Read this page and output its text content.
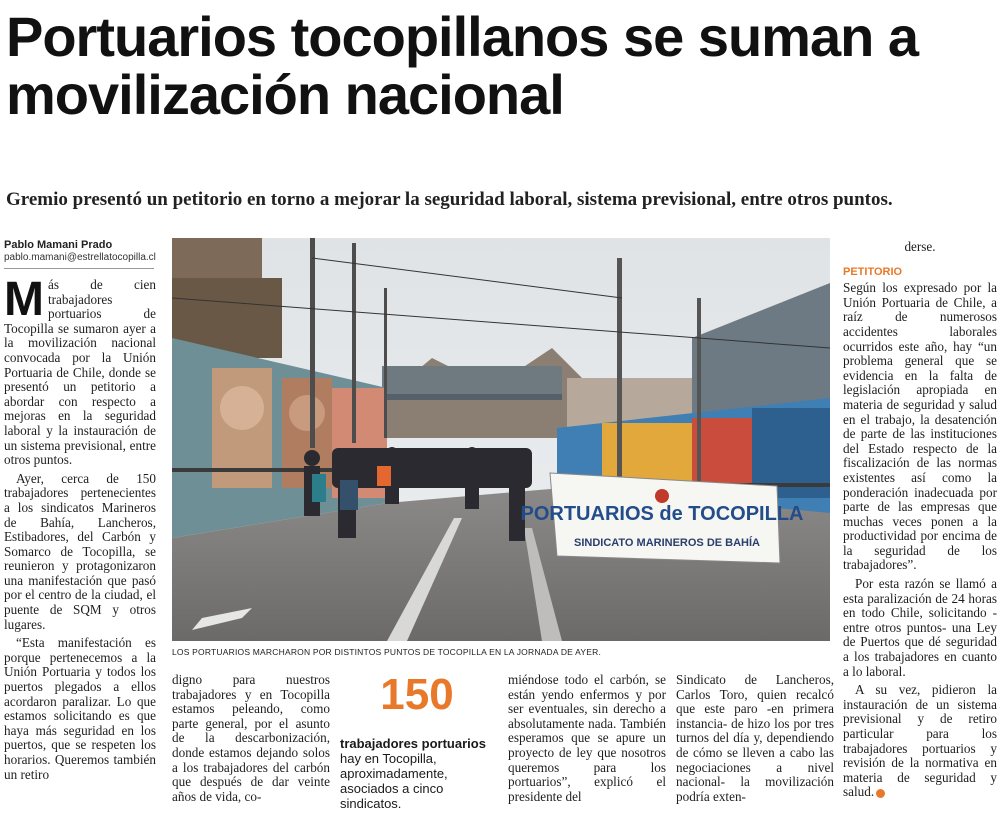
Portuarios tocopillanos se suman a movilización nacional

Gremio presentó un petitorio en torno a mejorar la seguridad laboral, sistema previsional, entre otros puntos.

Pablo Mamani Prado
pablo.mamani@estrellatocopilla.cl

Más de cien trabajadores portuarios de Tocopilla se sumaron ayer a la movilización nacional convocada por la Unión Portuaria de Chile, donde se presentó un petitorio a abordar con respecto a mejoras en la seguridad laboral y la instauración de un sistema previsional, entre otros puntos.

Ayer, cerca de 150 trabajadores pertenecientes a los sindicatos Marineros de Bahía, Lancheros, Estibadores, del Carbón y Somarco de Tocopilla, se reunieron y protagonizaron una manifestación que pasó por el centro de la ciudad, el puente de SQM y otros lugares.

“Esta manifestación es porque pertenecemos a la Unión Portuaria y todos los puertos plegados a ellos acordaron paralizar. Lo que estamos solicitando es que haya más seguridad en los puertos, que se respeten los horarios. Queremos también un retiro

PORTUARIOS de TOCOPILLA
SINDICATO MARINEROS DE BAHÍA
LOS PORTUARIOS MARCHARON POR DISTINTOS PUNTOS DE TOCOPILLA EN LA JORNADA DE AYER.

digno para nuestros trabajadores y en Tocopilla estamos peleando, como parte general, por el asunto de la descarbonización, donde estamos dejando solos a los trabajadores del carbón que después de dar veinte años de vida, co-

150
trabajadores portuarios
hay en Tocopilla, aproximadamente, asociados a cinco sindicatos.

miéndose todo el carbón, se están yendo enfermos y por ser eventuales, sin derecho a absolutamente nada. También esperamos que se apure un proyecto de ley que nosotros queremos para los portuarios”, explicó el presidente del

Sindicato de Lancheros, Carlos Toro, quien recalcó que este paro -en primera instancia- de hizo los por tres turnos del día y, dependiendo de cómo se lleven a cabo las negociaciones a nivel nacional- la movilización podría exten-

derse.

PETITORIO

Según los expresado por la Unión Portuaria de Chile, a raíz de numerosos accidentes laborales ocurridos este año, hay “un problema general que se evidencia en la falta de legislación apropiada en materia de seguridad y salud en el trabajo, la desatención de parte de las instituciones del Estado respecto de la fiscalización de las normas existentes así como la ponderación inadecuada por parte de las empresas que muchas veces ponen a la productividad por encima de la seguridad de los trabajadores”.

Por esta razón se llamó a esta paralización de 24 horas en todo Chile, solicitando -entre otros puntos- una Ley de Puertos que dé seguridad a los trabajadores en cuanto a lo laboral.

A su vez, pidieron la instauración de un sistema previsional y de retiro particular para los trabajadores portuarios y revisión de la normativa en materia de seguridad y salud.
